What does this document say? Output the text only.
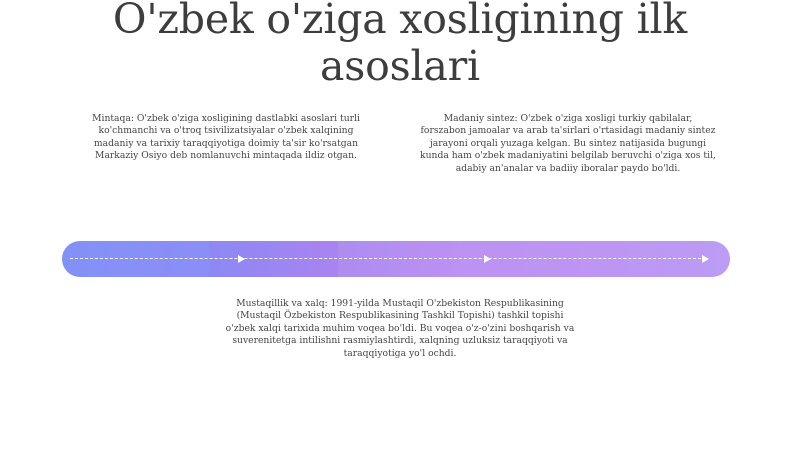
O'zbek o'ziga xosligining ilk asoslari

Mintaqa: O'zbek o'ziga xosligining dastlabki asoslari turli ko'chmanchi va o'troq tsivilizatsiyalar o'zbek xalqining madaniy va tarixiy taraqqiyotiga doimiy ta'sir ko'rsatgan Markaziy Osiyo deb nomlanuvchi mintaqada ildiz otgan.

Madaniy sintez: O'zbek o'ziga xosligi turkiy qabilalar, forszabon jamoalar va arab ta'sirlari o'rtasidagi madaniy sintez jarayoni orqali yuzaga kelgan. Bu sintez natijasida bugungi kunda ham o'zbek madaniyatini belgilab beruvchi o'ziga xos til, adabiy an'analar va badiiy iboralar paydo bo'ldi.

Mustaqillik va xalq: 1991-yilda Mustaqil O'zbekiston Respublikasining (Mustaqil Özbekiston Respublikasining Tashkil Topishi) tashkil topishi o'zbek xalqi tarixida muhim voqea bo'ldi. Bu voqea o'z-o'zini boshqarish va suverenitetga intilishni rasmiylashtirdi, xalqning uzluksiz taraqqiyoti va taraqqiyotiga yo'l ochdi.
